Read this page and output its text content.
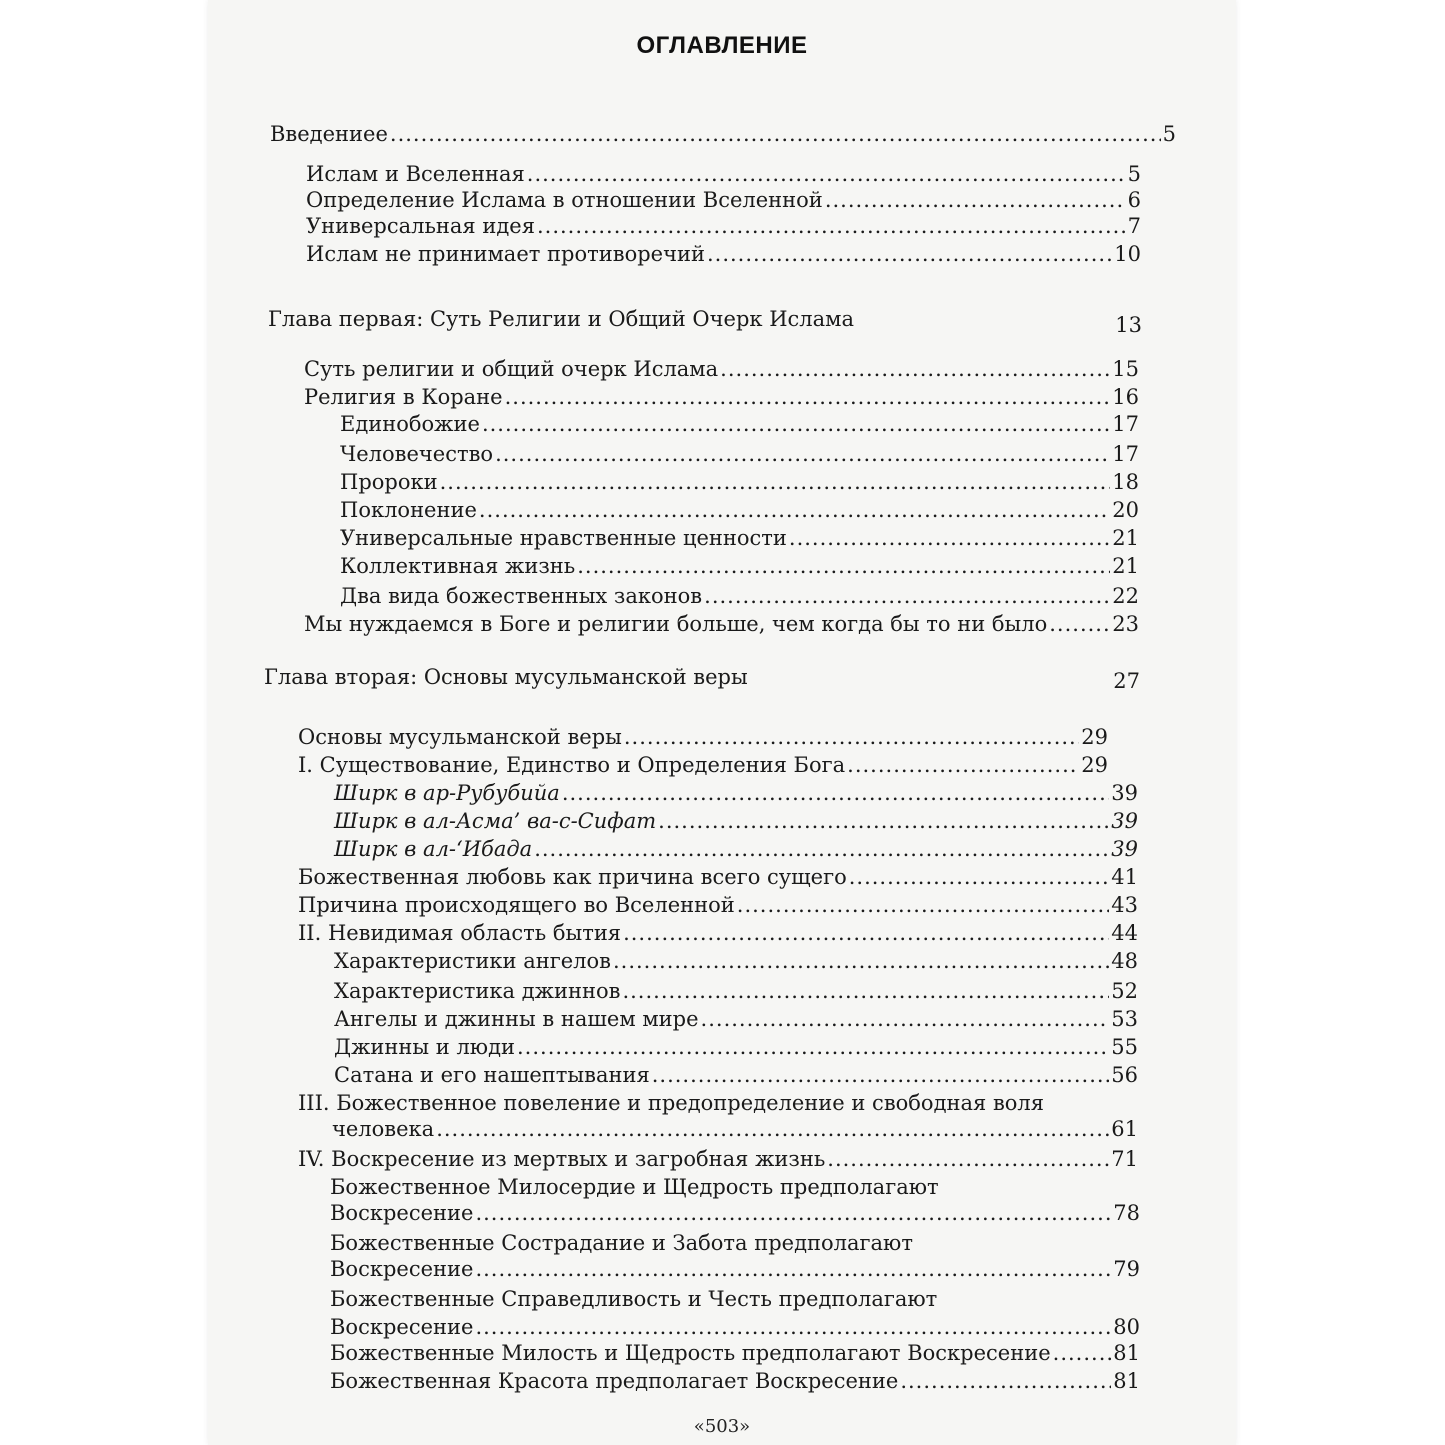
ОГЛАВЛЕНИЕ
Введениее .....	5
Ислам и Вселенная .....	5
Определение Ислама в отношении Вселенной .....	6
Универсальная идея .....	7
Ислам не принимает противоречий .....	10
Глава первая: Суть Религии и Общий Очерк Ислама	13
Суть религии и общий очерк Ислама .....	15
Религия в Коране .....	16
Единобожие .....	17
Человечество .....	17
Пророки .....	18
Поклонение .....	20
Универсальные нравственные ценности .....	21
Коллективная жизнь .....	21
Два вида божественных законов .....	22
Мы нуждаемся в Боге и религии больше, чем когда бы то ни было .....	23
Глава вторая: Основы мусульманской веры	27
Основы мусульманской веры .....	29
I. Существование, Единство и Определения Бога .....	29
Ширк в ар-Рубубийа .....	39
Ширк в ал-Асма’ ва-с-Сифат .....	39
Ширк в ал-‘Ибада .....	39
Божественная любовь как причина всего сущего .....	41
Причина происходящего во Вселенной .....	43
II. Невидимая область бытия .....	44
Характеристики ангелов .....	48
Характеристика джиннов .....	52
Ангелы и джинны в нашем мире .....	53
Джинны и люди .....	55
Сатана и его нашептывания .....	56
III. Божественное повеление и предопределение и свободная воля
человека .....	61
IV. Воскресение из мертвых и загробная жизнь .....	71
Божественное Милосердие и Щедрость предполагают
Воскресение .....	78
Божественные Сострадание и Забота предполагают
Воскресение .....	79
Божественные Справедливость и Честь предполагают
Воскресение .....	80
Божественные Милость и Щедрость предполагают Воскресение .....	81
Божественная Красота предполагает Воскресение .....	81
«503»
